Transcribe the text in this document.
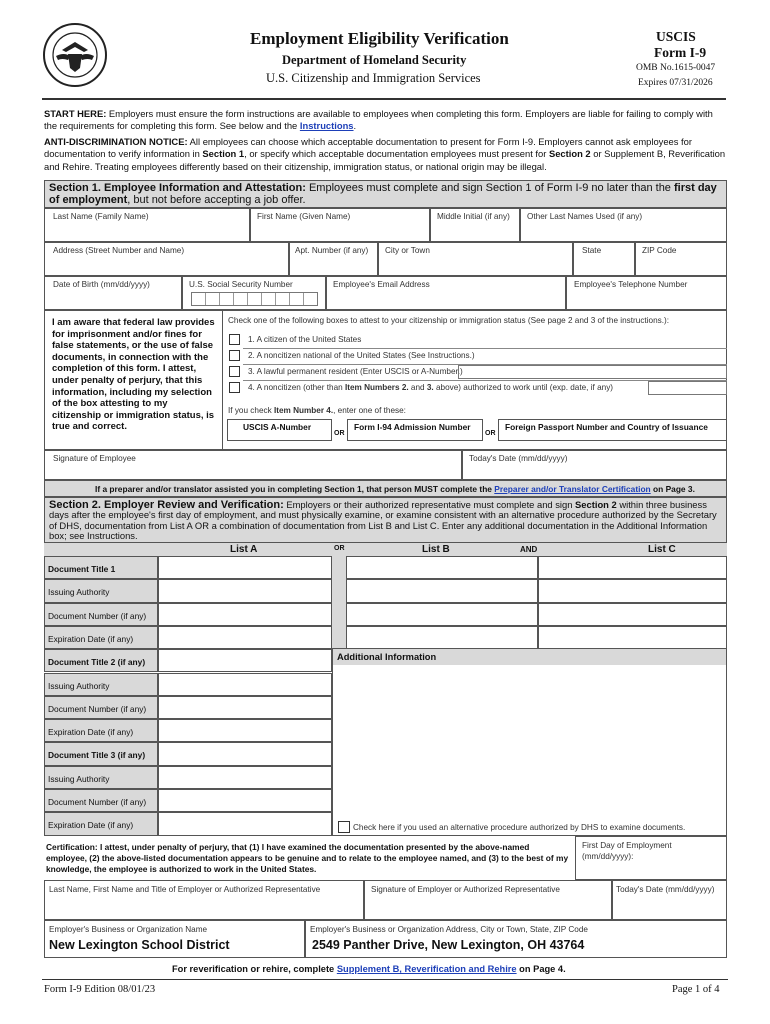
Employment Eligibility Verification
Department of Homeland Security
U.S. Citizenship and Immigration Services
USCIS
Form I-9
OMB No.1615-0047
Expires 07/31/2026
START HERE: Employers must ensure the form instructions are available to employees when completing this form. Employers are liable for failing to comply with the requirements for completing this form. See below and the Instructions.
ANTI-DISCRIMINATION NOTICE: All employees can choose which acceptable documentation to present for Form I-9. Employers cannot ask employees for documentation to verify information in Section 1, or specify which acceptable documentation employees must present for Section 2 or Supplement B, Reverification and Rehire. Treating employees differently based on their citizenship, immigration status, or national origin may be illegal.
Section 1. Employee Information and Attestation: Employees must complete and sign Section 1 of Form I-9 no later than the first day of employment, but not before accepting a job offer.
Last Name (Family Name)	First Name (Given Name)	Middle Initial (if any)	Other Last Names Used (if any)
Address (Street Number and Name)	Apt. Number (if any)	City or Town	State	ZIP Code
Date of Birth (mm/dd/yyyy)	U.S. Social Security Number	Employee's Email Address	Employee's Telephone Number
I am aware that federal law provides for imprisonment and/or fines for false statements, or the use of false documents, in connection with the completion of this form. I attest, under penalty of perjury, that this information, including my selection of the box attesting to my citizenship or immigration status, is true and correct.
Check one of the following boxes to attest to your citizenship or immigration status (See page 2 and 3 of the instructions.):
1. A citizen of the United States
2. A noncitizen national of the United States (See Instructions.)
3. A lawful permanent resident (Enter USCIS or A-Number.)
4. A noncitizen (other than Item Numbers 2. and 3. above) authorized to work until (exp. date, if any)
If you check Item Number 4., enter one of these:
USCIS A-Number
OR
Form I-94 Admission Number
OR
Foreign Passport Number and Country of Issuance
Signature of Employee	Today's Date (mm/dd/yyyy)
If a preparer and/or translator assisted you in completing Section 1, that person MUST complete the Preparer and/or Translator Certification on Page 3.
Section 2. Employer Review and Verification: Employers or their authorized representative must complete and sign Section 2 within three business days after the employee's first day of employment, and must physically examine, or examine consistent with an alternative procedure authorized by the Secretary of DHS, documentation from List A OR a combination of documentation from List B and List C. Enter any additional documentation in the Additional Information box; see Instructions.
List A	OR	List B	AND	List C
Document Title 1
Issuing Authority
Document Number (if any)
Expiration Date (if any)
Document Title 2 (if any)
Issuing Authority
Document Number (if any)
Expiration Date (if any)
Document Title 3 (if any)
Issuing Authority
Document Number (if any)
Expiration Date (if any)
Additional Information
Check here if you used an alternative procedure authorized by DHS to examine documents.
Certification: I attest, under penalty of perjury, that (1) I have examined the documentation presented by the above-named employee, (2) the above-listed documentation appears to be genuine and to relate to the employee named, and (3) to the best of my knowledge, the employee is authorized to work in the United States.
First Day of Employment (mm/dd/yyyy):
Last Name, First Name and Title of Employer or Authorized Representative	Signature of Employer or Authorized Representative	Today's Date (mm/dd/yyyy)
Employer's Business or Organization Name
New Lexington School District
Employer's Business or Organization Address, City or Town, State, ZIP Code
2549 Panther Drive, New Lexington, OH 43764
For reverification or rehire, complete Supplement B, Reverification and Rehire on Page 4.
Form I-9 Edition 08/01/23	Page 1 of 4
